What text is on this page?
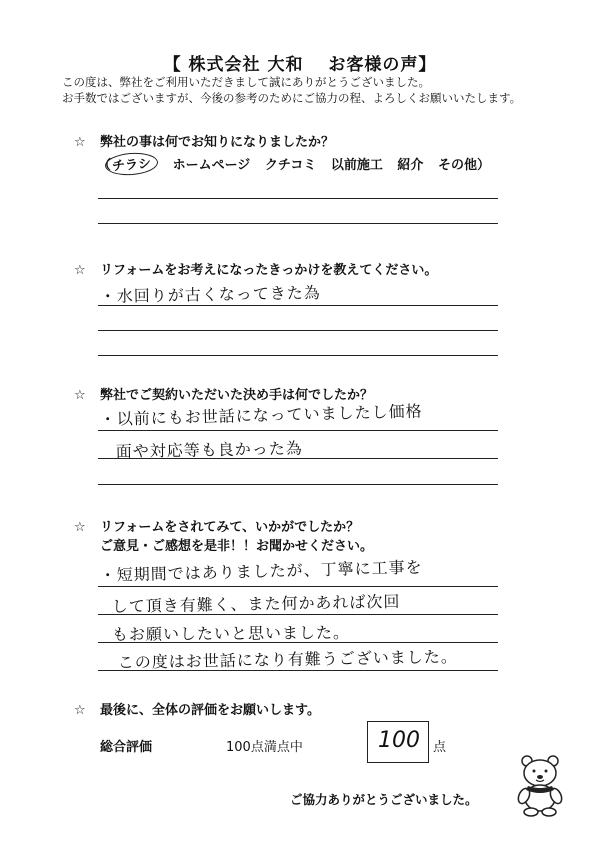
【 株式会社 大和　 お客様の声】
この度は、弊社をご利用いただきまして誠にありがとうございました。
お手数ではございますが、今後の参考のためにご協力の程、よろしくお願いいたします。
☆ 弊社の事は何でお知りになりましたか？
（チラシ ホームページ クチコミ 以前施工 紹介 その他）
☆ リフォームをお考えになったきっかけを教えてください。
・水回りが古くなってきた為
☆ 弊社でご契約いただいた決め手は何でしたか？
・以前にもお世話になっていましたし価格
面や対応等も良かった為
☆ リフォームをされてみて、いかがでしたか？
ご意見・ご感想を是非！！お聞かせください。
・短期間ではありましたが、丁寧に工事を
して頂き有難く、また何かあれば次回
もお願いしたいと思いました。
この度はお世話になり有難うございました。
☆ 最後に、全体の評価をお願いします。
総合評価	100点満点中	100	点
ご協力ありがとうございました。
